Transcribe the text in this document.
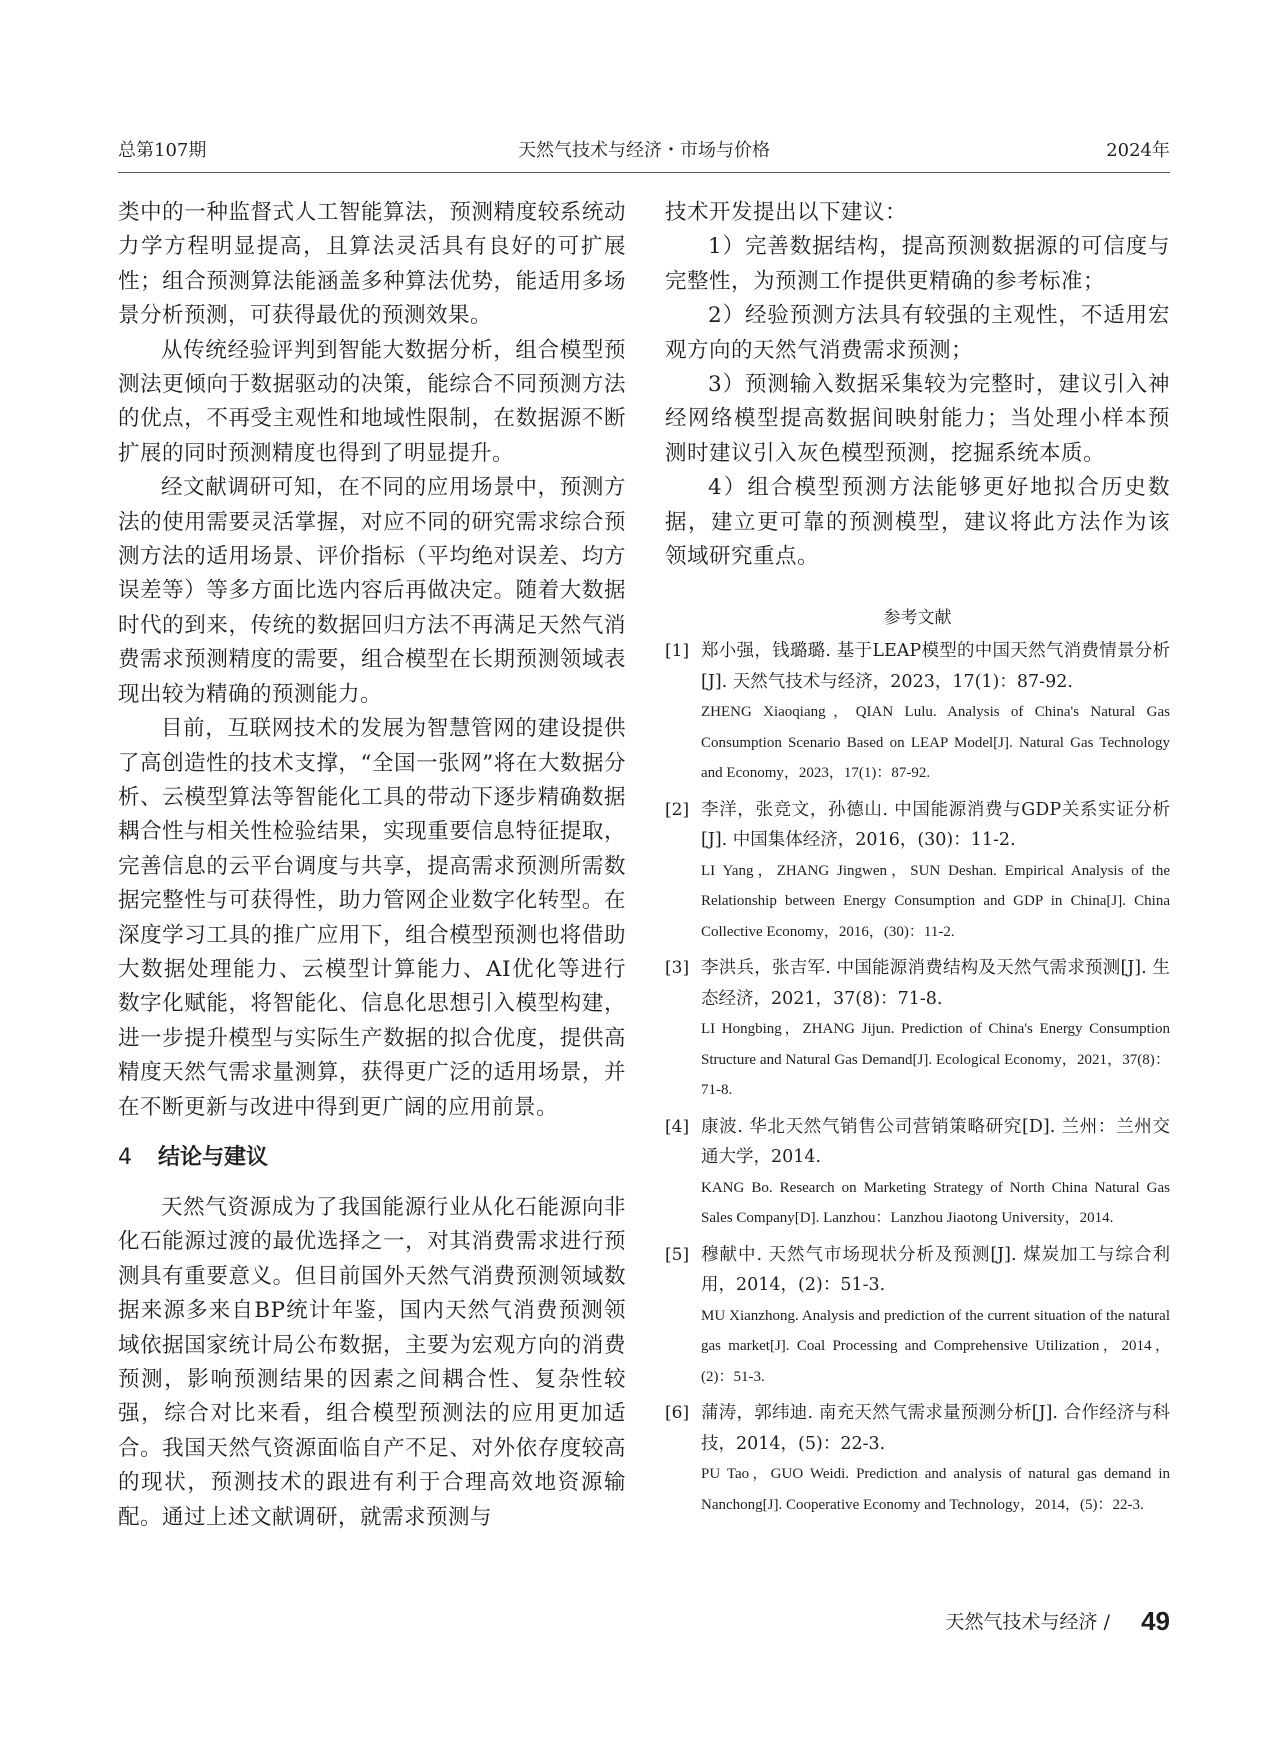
总第107期	天然气技术与经济・市场与价格	2024年

类中的一种监督式人工智能算法，预测精度较系统动力学方程明显提高，且算法灵活具有良好的可扩展性；组合预测算法能涵盖多种算法优势，能适用多场景分析预测，可获得最优的预测效果。

从传统经验评判到智能大数据分析，组合模型预测法更倾向于数据驱动的决策，能综合不同预测方法的优点，不再受主观性和地域性限制，在数据源不断扩展的同时预测精度也得到了明显提升。

经文献调研可知，在不同的应用场景中，预测方法的使用需要灵活掌握，对应不同的研究需求综合预测方法的适用场景、评价指标（平均绝对误差、均方误差等）等多方面比选内容后再做决定。随着大数据时代的到来，传统的数据回归方法不再满足天然气消费需求预测精度的需要，组合模型在长期预测领域表现出较为精确的预测能力。

目前，互联网技术的发展为智慧管网的建设提供了高创造性的技术支撑，“全国一张网”将在大数据分析、云模型算法等智能化工具的带动下逐步精确数据耦合性与相关性检验结果，实现重要信息特征提取，完善信息的云平台调度与共享，提高需求预测所需数据完整性与可获得性，助力管网企业数字化转型。在深度学习工具的推广应用下，组合模型预测也将借助大数据处理能力、云模型计算能力、AI优化等进行数字化赋能，将智能化、信息化思想引入模型构建，进一步提升模型与实际生产数据的拟合优度，提供高精度天然气需求量测算，获得更广泛的适用场景，并在不断更新与改进中得到更广阔的应用前景。

4 结论与建议

天然气资源成为了我国能源行业从化石能源向非化石能源过渡的最优选择之一，对其消费需求进行预测具有重要意义。但目前国外天然气消费预测领域数据来源多来自BP统计年鉴，国内天然气消费预测领域依据国家统计局公布数据，主要为宏观方向的消费预测，影响预测结果的因素之间耦合性、复杂性较强，综合对比来看，组合模型预测法的应用更加适合。我国天然气资源面临自产不足、对外依存度较高的现状，预测技术的跟进有利于合理高效地资源输配。通过上述文献调研，就需求预测与

技术开发提出以下建议：

1）完善数据结构，提高预测数据源的可信度与完整性，为预测工作提供更精确的参考标准；

2）经验预测方法具有较强的主观性，不适用宏观方向的天然气消费需求预测；

3）预测输入数据采集较为完整时，建议引入神经网络模型提高数据间映射能力；当处理小样本预测时建议引入灰色模型预测，挖掘系统本质。

4）组合模型预测方法能够更好地拟合历史数据，建立更可靠的预测模型，建议将此方法作为该领域研究重点。

参考文献
[1] 郑小强，钱璐璐. 基于LEAP模型的中国天然气消费情景分析[J]. 天然气技术与经济，2023，17(1)：87-92.

ZHENG Xiaoqiang，QIAN Lulu. Analysis of China's Natural Gas Consumption Scenario Based on LEAP Model[J]. Natural Gas Technology and Economy，2023，17(1)：87-92.

[2] 李洋，张竞文，孙德山. 中国能源消费与GDP关系实证分析[J]. 中国集体经济，2016，(30)：11-2.

LI Yang，ZHANG Jingwen，SUN Deshan. Empirical Analysis of the Relationship between Energy Consumption and GDP in China[J]. China Collective Economy，2016，(30)：11-2.

[3] 李洪兵，张吉军. 中国能源消费结构及天然气需求预测[J]. 生态经济，2021，37(8)：71-8.

LI Hongbing，ZHANG Jijun. Prediction of China's Energy Consumption Structure and Natural Gas Demand[J]. Ecological Economy，2021，37(8)：71-8.

[4] 康波. 华北天然气销售公司营销策略研究[D]. 兰州：兰州交通大学，2014.

KANG Bo. Research on Marketing Strategy of North China Natural Gas Sales Company[D]. Lanzhou：Lanzhou Jiaotong University，2014.

[5] 穆献中. 天然气市场现状分析及预测[J]. 煤炭加工与综合利用，2014，(2)：51-3.

MU Xianzhong. Analysis and prediction of the current situation of the natural gas market[J]. Coal Processing and Comprehensive Utilization，2014，(2)：51-3.

[6] 蒲涛，郭纬迪. 南充天然气需求量预测分析[J]. 合作经济与科技，2014，(5)：22-3.

PU Tao，GUO Weidi. Prediction and analysis of natural gas demand in Nanchong[J]. Cooperative Economy and Technology，2014，(5)：22-3.

天然气技术与经济 / 49
